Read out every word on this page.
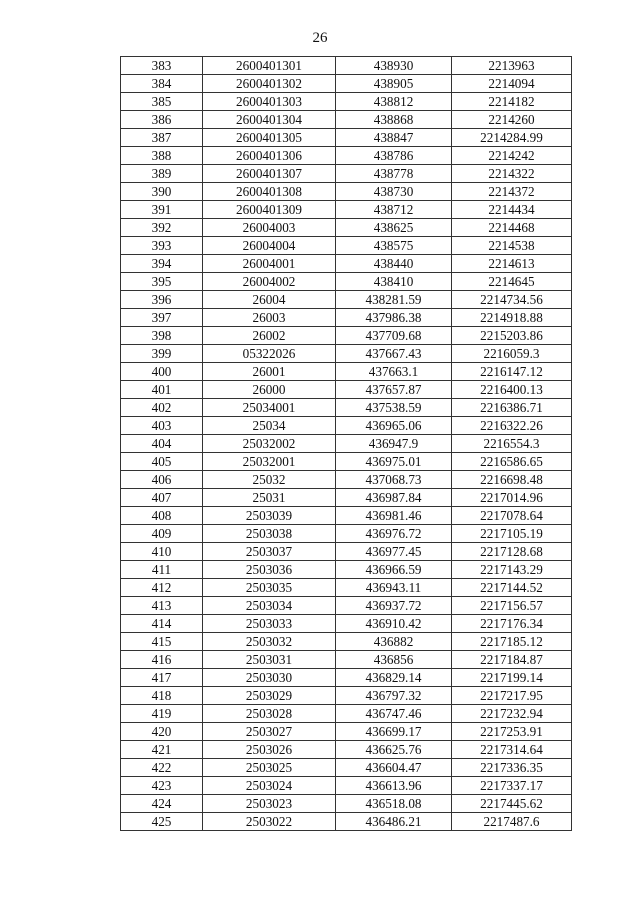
26
383	2600401301	438930	2213963
384	2600401302	438905	2214094
385	2600401303	438812	2214182
386	2600401304	438868	2214260
387	2600401305	438847	2214284.99
388	2600401306	438786	2214242
389	2600401307	438778	2214322
390	2600401308	438730	2214372
391	2600401309	438712	2214434
392	26004003	438625	2214468
393	26004004	438575	2214538
394	26004001	438440	2214613
395	26004002	438410	2214645
396	26004	438281.59	2214734.56
397	26003	437986.38	2214918.88
398	26002	437709.68	2215203.86
399	05322026	437667.43	2216059.3
400	26001	437663.1	2216147.12
401	26000	437657.87	2216400.13
402	25034001	437538.59	2216386.71
403	25034	436965.06	2216322.26
404	25032002	436947.9	2216554.3
405	25032001	436975.01	2216586.65
406	25032	437068.73	2216698.48
407	25031	436987.84	2217014.96
408	2503039	436981.46	2217078.64
409	2503038	436976.72	2217105.19
410	2503037	436977.45	2217128.68
411	2503036	436966.59	2217143.29
412	2503035	436943.11	2217144.52
413	2503034	436937.72	2217156.57
414	2503033	436910.42	2217176.34
415	2503032	436882	2217185.12
416	2503031	436856	2217184.87
417	2503030	436829.14	2217199.14
418	2503029	436797.32	2217217.95
419	2503028	436747.46	2217232.94
420	2503027	436699.17	2217253.91
421	2503026	436625.76	2217314.64
422	2503025	436604.47	2217336.35
423	2503024	436613.96	2217337.17
424	2503023	436518.08	2217445.62
425	2503022	436486.21	2217487.6
